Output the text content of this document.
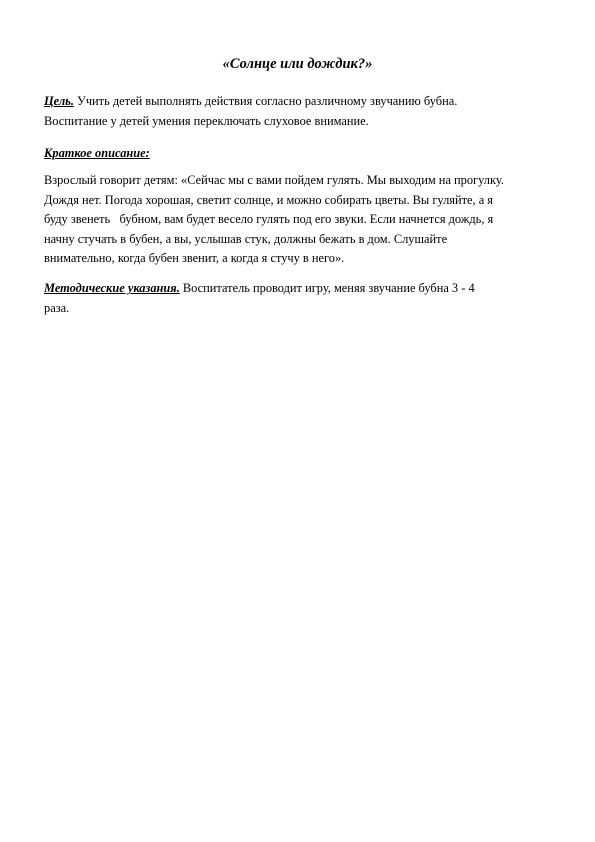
«Солнце или дождик?»
Цель. Учить детей выполнять действия согласно различному звучанию бубна.
Воспитание у детей умения переключать слуховое внимание.
Краткое описание:
Взрослый говорит детям: «Сейчас мы с вами пойдем гулять. Мы выходим на прогулку.
Дождя нет. Погода хорошая, светит солнце, и можно собирать цветы. Вы гуляйте, а я
буду звенеть   бубном, вам будет весело гулять под его звуки. Если начнется дождь, я
начну стучать в бубен, а вы, услышав стук, должны бежать в дом. Слушайте
внимательно, когда бубен звенит, а когда я стучу в него».
Методические указания. Воспитатель проводит игру, меняя звучание бубна 3 - 4
раза.
